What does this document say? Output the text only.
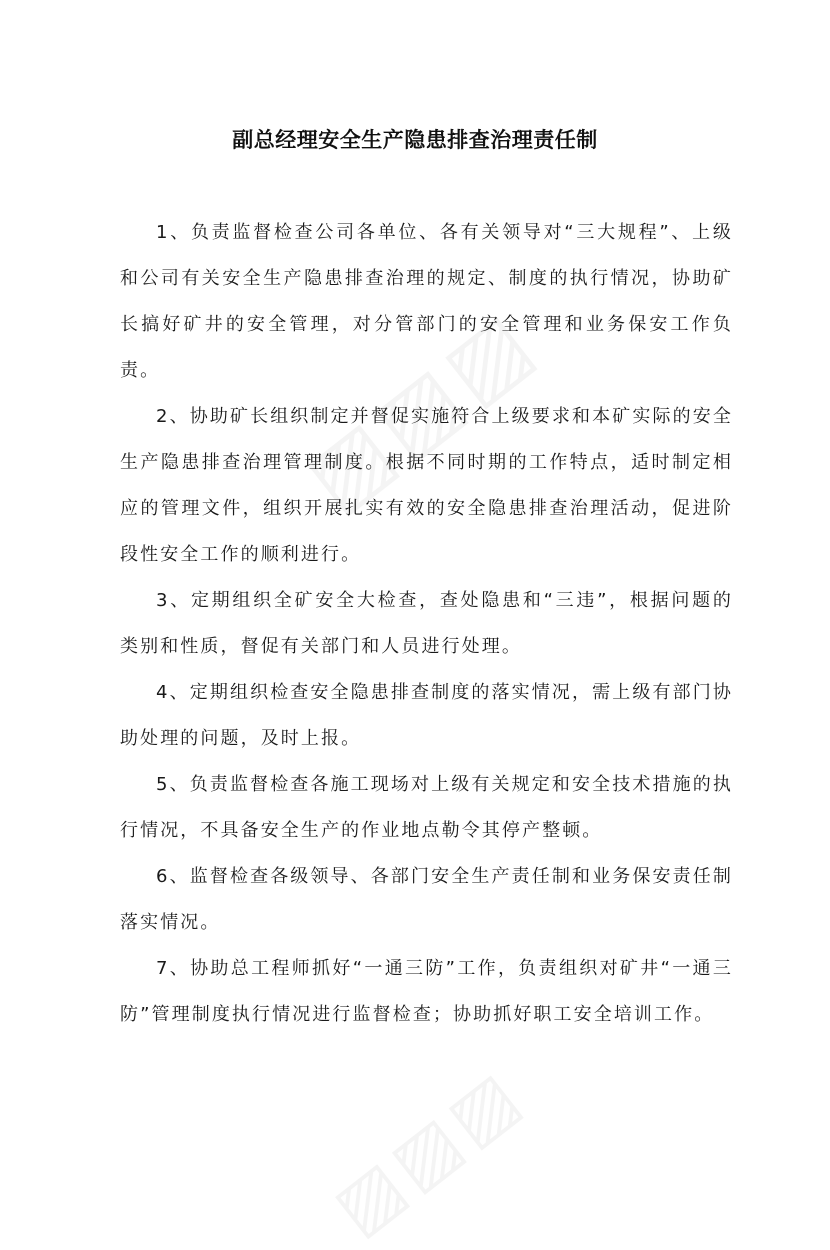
副总经理安全生产隐患排查治理责任制

1、负责监督检查公司各单位、各有关领导对“三大规程”、上级和公司有关安全生产隐患排查治理的规定、制度的执行情况，协助矿长搞好矿井的安全管理，对分管部门的安全管理和业务保安工作负责。

2、协助矿长组织制定并督促实施符合上级要求和本矿实际的安全生产隐患排查治理管理制度。根据不同时期的工作特点，适时制定相应的管理文件，组织开展扎实有效的安全隐患排查治理活动，促进阶段性安全工作的顺利进行。

3、定期组织全矿安全大检查，查处隐患和“三违”，根据问题的类别和性质，督促有关部门和人员进行处理。

4、定期组织检查安全隐患排查制度的落实情况，需上级有部门协助处理的问题，及时上报。

5、负责监督检查各施工现场对上级有关规定和安全技术措施的执行情况，不具备安全生产的作业地点勒令其停产整顿。

6、监督检查各级领导、各部门安全生产责任制和业务保安责任制落实情况。

7、协助总工程师抓好“一通三防”工作，负责组织对矿井“一通三防”管理制度执行情况进行监督检查；协助抓好职工安全培训工作。
